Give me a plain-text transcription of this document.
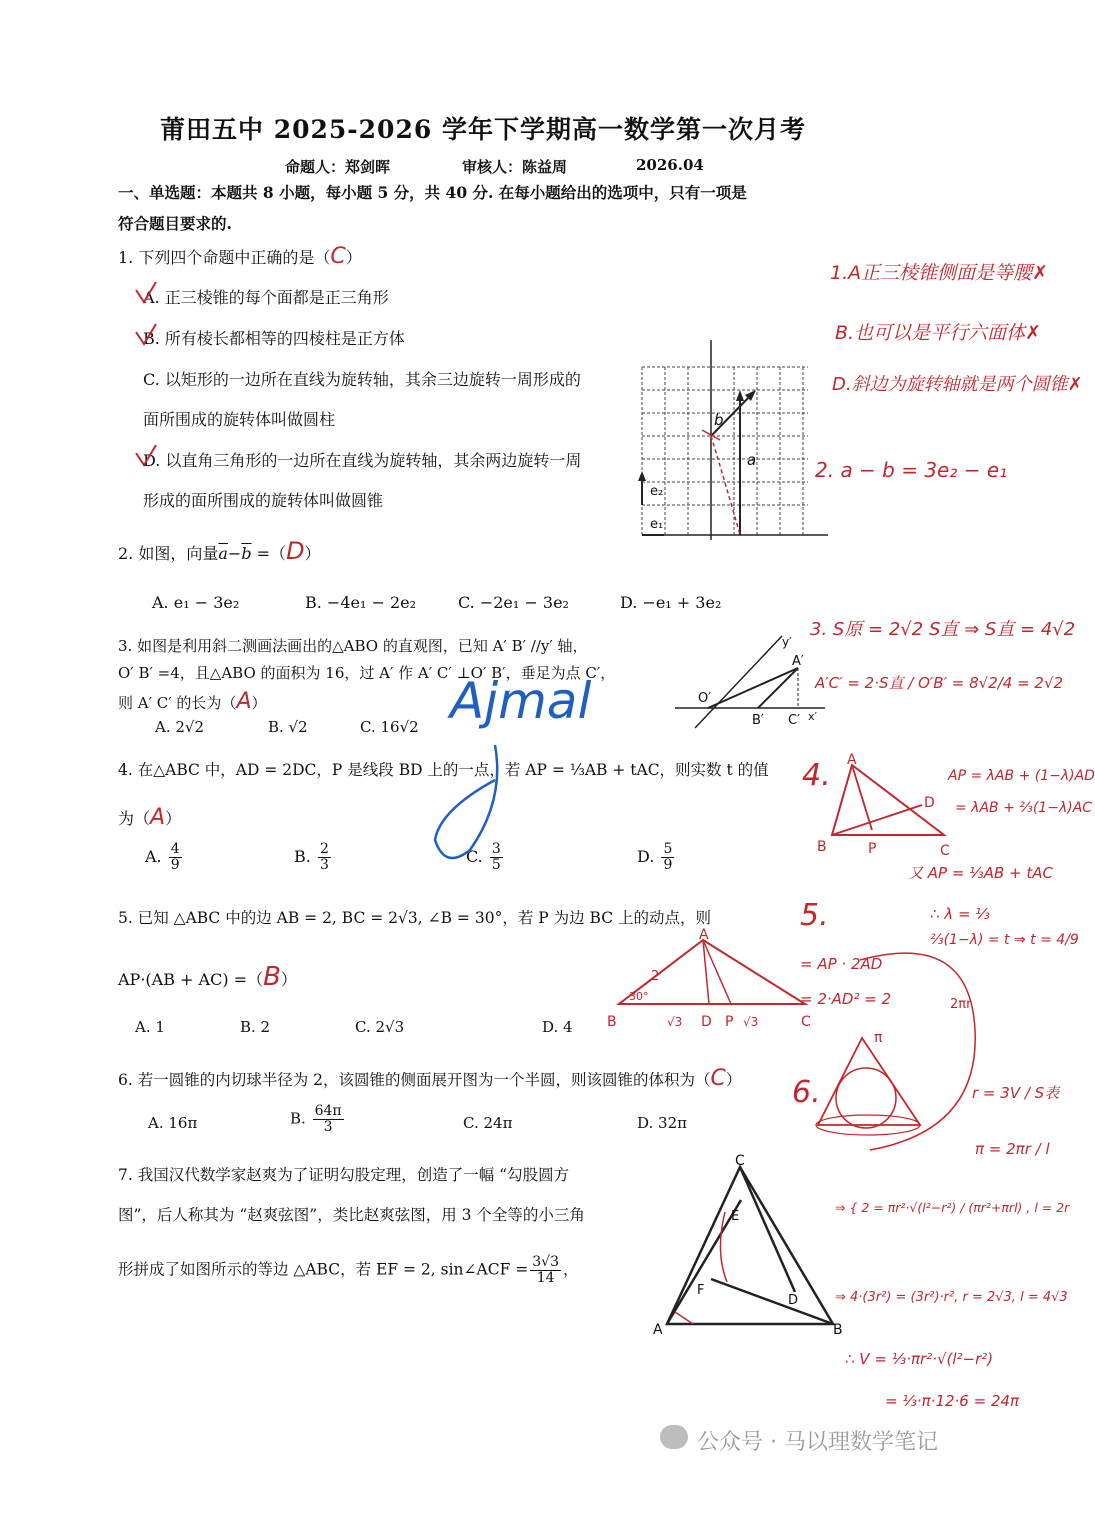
莆田五中 2025-2026 学年下学期高一数学第一次月考
命题人：郑剑晖	审核人：陈益周	2026.04
一、单选题：本题共 8 小题，每小题 5 分，共 40 分. 在每小题给出的选项中，只有一项是
符合题目要求的.
1. 下列四个命题中正确的是（C）
A. 正三棱锥的每个面都是正三角形
B. 所有棱长都相等的四棱柱是正方体
C. 以矩形的一边所在直线为旋转轴，其余三边旋转一周形成的
面所围成的旋转体叫做圆柱
D. 以直角三角形的一边所在直线为旋转轴，其余两边旋转一周
形成的面所围成的旋转体叫做圆锥
b
a
e₂
e₁
2. 如图，向量$\overline{a}-\overline{b} =(D)$
A. e₁ − 3e₂	B. −4e₁ − 2e₂	C. −2e₁ − 3e₂	D. −e₁ + 3e₂
3. 如图是利用斜二测画法画出的△ABO 的直观图，已知 A′ B′ //y′ 轴，
O′ B′ =4，且△ABO 的面积为 16，过 A′ 作 A′ C′ ⊥O′ B′，垂足为点 C′，
则 A′ C′ 的长为（A）
A. 2√2	B. √2	C. 16√2
y′
A′
O′
B′ C′ x′
4. 在△ABC 中，AD = 2DC，P 是线段 BD 上的一点，若 AP = ⅓AB + tAC，则实数 t 的值
为（A）
A. $\frac{4}{9}$	B. $\frac{2}{3}$	C. $\frac{3}{5}$	D. $\frac{5}{9}$
5. 已知 △ABC 中的边 AB = 2, BC = 2√3, ∠B = 30°，若 P 为边 BC 上的动点，则
AP·(AB + AC) =（B）
A. 1	B. 2	C. 2√3	D. 4
6. 若一圆锥的内切球半径为 2，该圆锥的侧面展开图为一个半圆，则该圆锥的体积为（C）
A. 16π	B. $\frac{64\pi}{3}$	C. 24π	D. 32π
7. 我国汉代数学家赵爽为了证明勾股定理，创造了一幅 “勾股圆方
图”，后人称其为 “赵爽弦图”，类比赵爽弦图，用 3 个全等的小三角
形拼成了如图所示的等边 △ABC，若 EF = 2, sin∠ACF = $\frac{3√3}{14}$ ，
C
A	B
D
E
F
1.A正三棱锥侧面是等腰✗
B.也可以是平行六面体✗
D.斜边为旋转轴就是两个圆锥✗
2. a − b = 3e₂ − e₁
3. S原 = 2√2 S直 ⇒ S直 = 4√2
A′C′ = 2·S直 / O′B′ = 8√2/4 = 2√2
4.	AP = λAB + (1−λ)AD
= λAB + ⅔(1−λ)AC
又 AP = ⅓AB + tAC
∴ λ = ⅓
⅔(1−λ) = t ⇒ t = 4/9
A
B	C
D
P
5.
= AP · 2AD
= 2·AD² = 2
A
B	C
D P
2
30°
√3	√3
2πr
π
6.	r = 3V / S表
π = 2πr / l
⇒ { 2 = πr²·√(l²−r²) / (πr²+πrl) , l = 2r
⇒ 4·(3r²) = (3r²)·r², r = 2√3, l = 4√3
∴ V = ⅓·πr²·√(l²−r²)
= ⅓·π·12·6 = 24π
Ajmal
公众号 · 马以理数学笔记
